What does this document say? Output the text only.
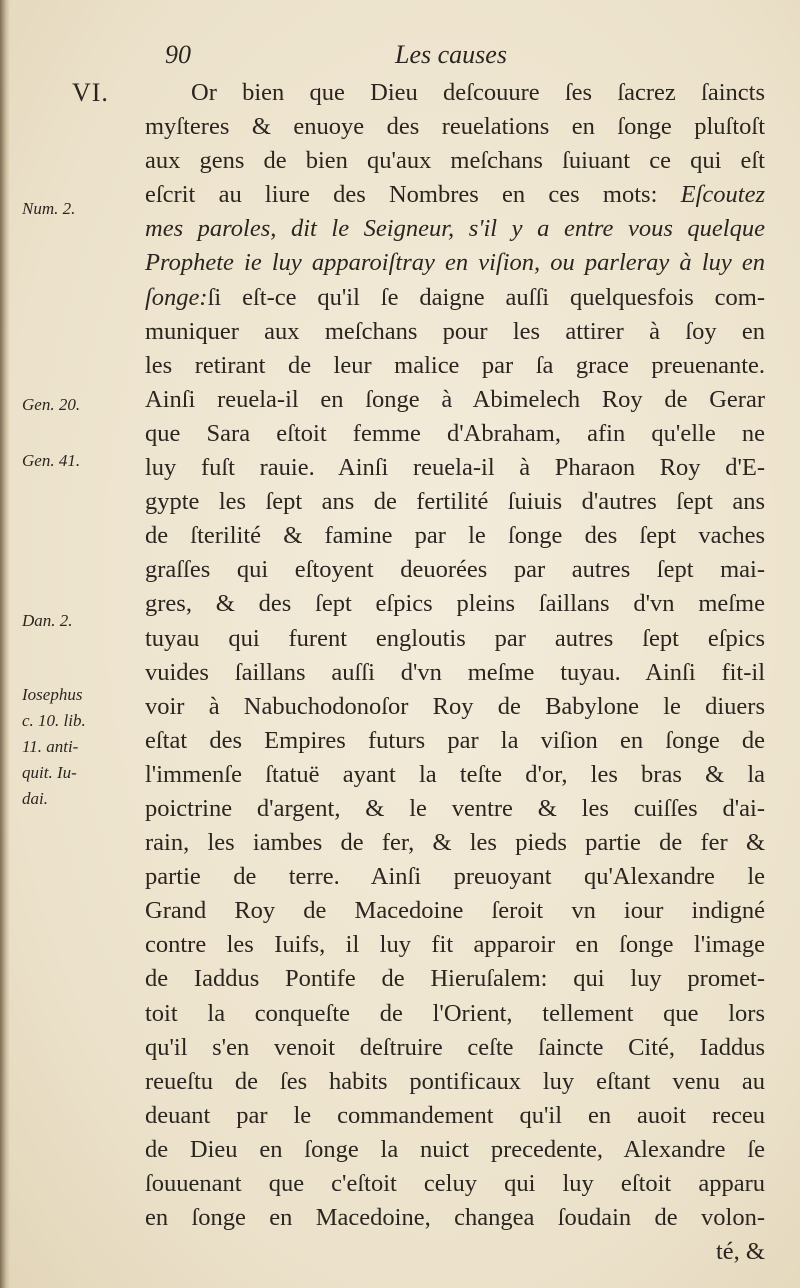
90	Les causes
VI.
Num. 2.
Gen. 20.
Gen. 41.
Dan. 2.
Iosephus
c. 10. lib.
11. anti-
quit. Iu-
dai.
Or bien que Dieu deſcouure ſes ſacrez ſaincts
myſteres & enuoye des reuelations en ſonge pluſtoſt
aux gens de bien qu'aux meſchans ſuiuant ce qui eſt
eſcrit au liure des Nombres en ces mots: Eſcoutez
mes paroles, dit le Seigneur, s'il y a entre vous quelque
Prophete ie luy apparoiſtray en viſion, ou parleray à luy en
ſonge:ſi eſt-ce qu'il ſe daigne auſſi quelquesfois com-
muniquer aux meſchans pour les attirer à ſoy en
les retirant de leur malice par ſa grace preuenante.
Ainſi reuela-il en ſonge à Abimelech Roy de Gerar
que Sara eſtoit femme d'Abraham, afin qu'elle ne
luy fuſt rauie. Ainſi reuela-il à Pharaon Roy d'E-
gypte les ſept ans de fertilité ſuiuis d'autres ſept ans
de ſterilité & famine par le ſonge des ſept vaches
graſſes qui eſtoyent deuorées par autres ſept mai-
gres, & des ſept eſpics pleins ſaillans d'vn meſme
tuyau qui furent engloutis par autres ſept eſpics
vuides ſaillans auſſi d'vn meſme tuyau. Ainſi fit-il
voir à Nabuchodonoſor Roy de Babylone le diuers
eſtat des Empires futurs par la viſion en ſonge de
l'immenſe ſtatuë ayant la teſte d'or, les bras & la
poictrine d'argent, & le ventre & les cuiſſes d'ai-
rain, les iambes de fer, & les pieds partie de fer &
partie de terre. Ainſi preuoyant qu'Alexandre le
Grand Roy de Macedoine ſeroit vn iour indigné
contre les Iuifs, il luy fit apparoir en ſonge l'image
de Iaddus Pontife de Hieruſalem: qui luy promet-
toit la conqueſte de l'Orient, tellement que lors
qu'il s'en venoit deſtruire ceſte ſaincte Cité, Iaddus
reueſtu de ſes habits pontificaux luy eſtant venu au
deuant par le commandement qu'il en auoit receu
de Dieu en ſonge la nuict precedente, Alexandre ſe
ſouuenant que c'eſtoit celuy qui luy eſtoit apparu
en ſonge en Macedoine, changea ſoudain de volon-
té, &
